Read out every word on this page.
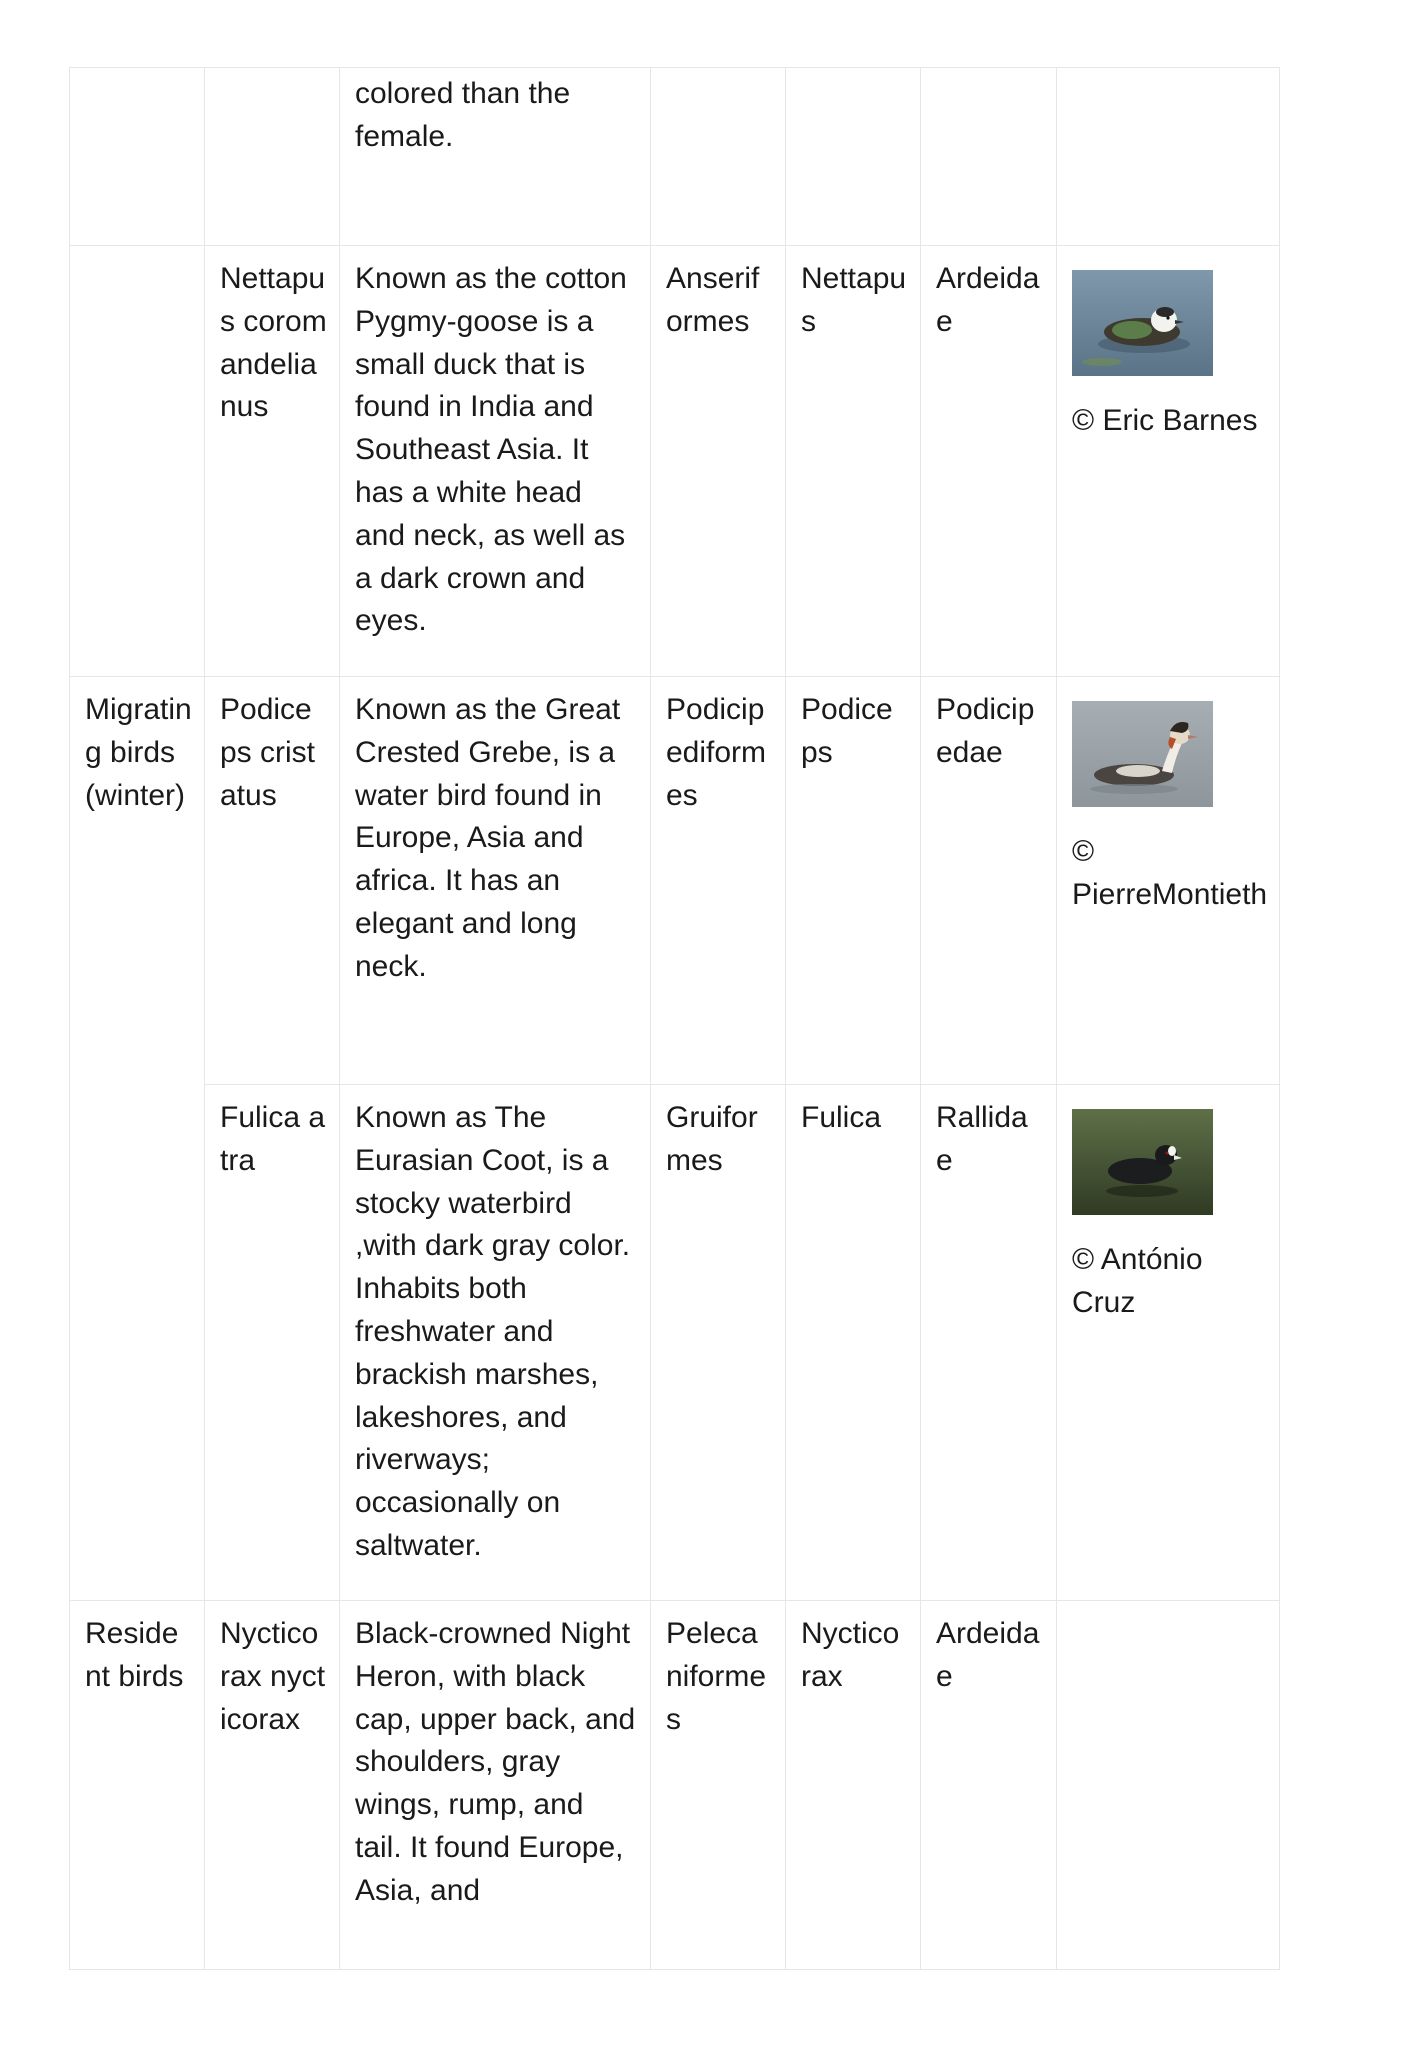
		colored than the female.				
	Nettapus coromandelianus	Known as the cotton Pygmy-goose is a small duck that is found in India and Southeast Asia. It has a white head and neck, as well as a dark crown and eyes.	Anseriformes	Nettapus	Ardeidae	© Eric Barnes

Migrating birds (winter)	Podiceps cristatus	Known as the Great Crested Grebe, is a water bird found in Europe, Asia and africa. It has an elegant and long neck.	Podicipediformes	Podiceps	Podicipedae	© PierreMontieth

	Fulica atra	Known as The Eurasian Coot, is a stocky waterbird ,with dark gray color. Inhabits both freshwater and brackish marshes, lakeshores, and riverways; occasionally on saltwater.	Gruiformes	Fulica	Rallidae	© António Cruz

Resident birds	Nycticorax nycticorax	Black-crowned Night Heron, with black cap, upper back, and shoulders, gray wings, rump, and tail. It found Europe, Asia, and	Pelecaniformes	Nycticorax	Ardeidae	
